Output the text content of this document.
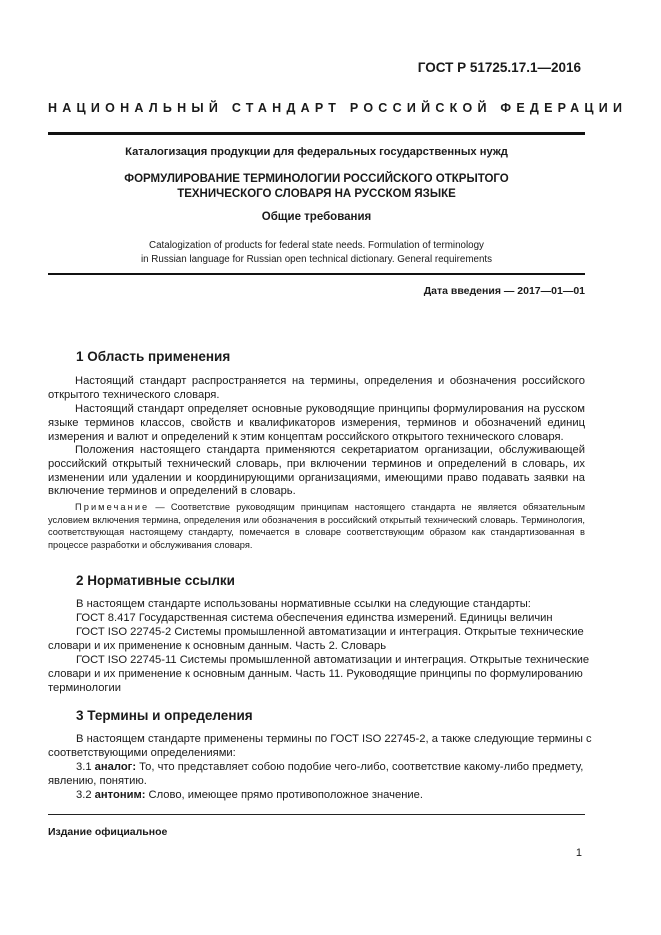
ГОСТ Р 51725.17.1—2016
НАЦИОНАЛЬНЫЙ СТАНДАРТ РОССИЙСКОЙ ФЕДЕРАЦИИ
Каталогизация продукции для федеральных государственных нужд
ФОРМУЛИРОВАНИЕ ТЕРМИНОЛОГИИ РОССИЙСКОГО ОТКРЫТОГО
ТЕХНИЧЕСКОГО СЛОВАРЯ НА РУССКОМ ЯЗЫКЕ
Общие требования
Catalogization of products for federal state needs. Formulation of terminology
in Russian language for Russian open technical dictionary. General requirements
Дата введения — 2017—01—01
1 Область применения
Настоящий стандарт распространяется на термины, определения и обозначения российского открытого технического словаря.
Настоящий стандарт определяет основные руководящие принципы формулирования на русском языке терминов классов, свойств и квалификаторов измерения, терминов и обозначений единиц измерения и валют и определений к этим концептам российского открытого технического словаря.
Положения настоящего стандарта применяются секретариатом организации, обслуживающей российский открытый технический словарь, при включении терминов и определений в словарь, их изменении или удалении и координирующими организациями, имеющими право подавать заявки на включение терминов и определений в словарь.
Примечание — Соответствие руководящим принципам настоящего стандарта не является обязательным условием включения термина, определения или обозначения в российский открытый технический словарь. Терминология, соответствующая настоящему стандарту, помечается в словаре соответствующим образом как стандартизованная в процессе разработки и обслуживания словаря.
2 Нормативные ссылки
В настоящем стандарте использованы нормативные ссылки на следующие стандарты:
ГОСТ 8.417 Государственная система обеспечения единства измерений. Единицы величин
ГОСТ ISO 22745-2 Системы промышленной автоматизации и интеграция. Открытые технические
словари и их применение к основным данным. Часть 2. Словарь
ГОСТ ISO 22745-11 Системы промышленной автоматизации и интеграция. Открытые технические
словари и их применение к основным данным. Часть 11. Руководящие принципы по формулированию
терминологии
3 Термины и определения
В настоящем стандарте применены термины по ГОСТ ISO 22745-2, а также следующие термины с
соответствующими определениями:
3.1 аналог: То, что представляет собою подобие чего-либо, соответствие какому-либо предмету,
явлению, понятию.
3.2 антоним: Слово, имеющее прямо противоположное значение.
Издание официальное
1
